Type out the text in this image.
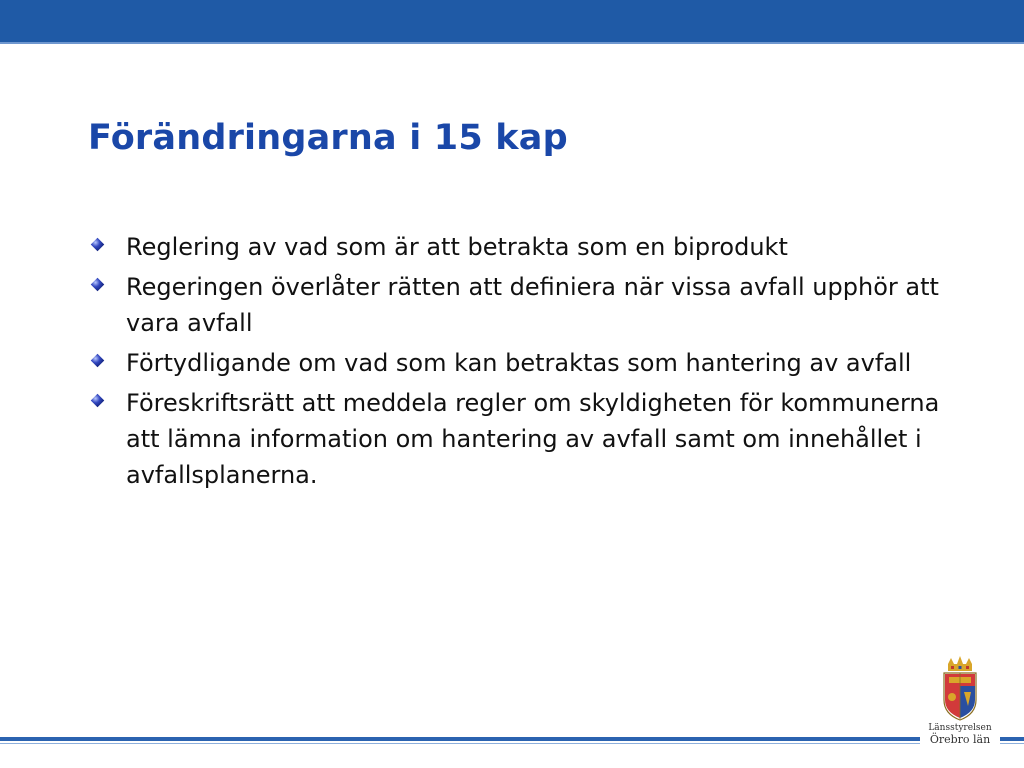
Förändringarna i 15 kap
Reglering av vad som är att betrakta som en biprodukt
Regeringen överlåter rätten att definiera när vissa avfall upphör att vara avfall
Förtydligande om vad som kan betraktas som hantering av avfall
Föreskriftsrätt att meddela regler om skyldigheten för kommunerna att lämna information om hantering av avfall samt om innehållet i avfallsplanerna.
Länsstyrelsen
Örebro län
